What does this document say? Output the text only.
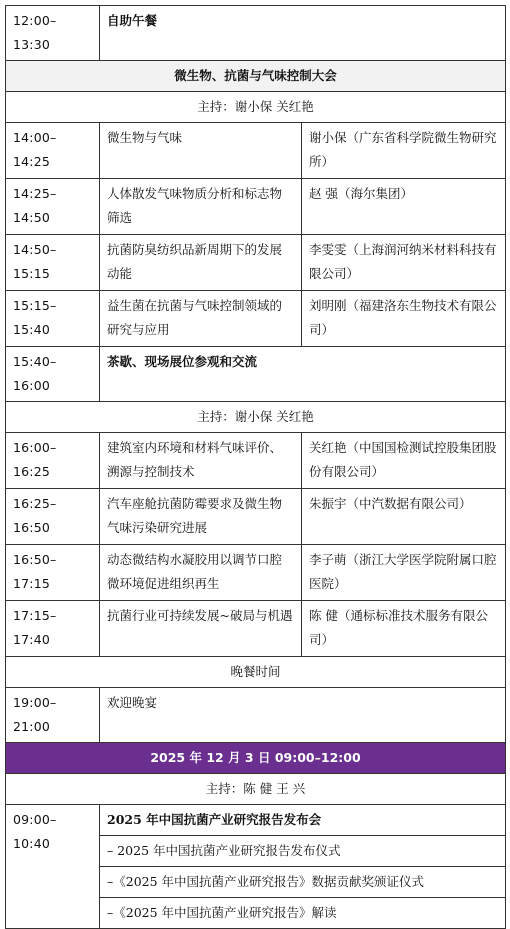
12:00–13:30	自助午餐	
微生物、抗菌与气味控制大会		
主持：谢小保 关红艳		
14:00–14:25	微生物与气味	谢小保（广东省科学院微生物研究所）
14:25–14:50	人体散发气味物质分析和标志物筛选	赵 强（海尔集团）
14:50–15:15	抗菌防臭纺织品新周期下的发展动能	李雯雯（上海润河纳米材料科技有限公司）
15:15–15:40	益生菌在抗菌与气味控制领域的研究与应用	刘明刚（福建洛东生物技术有限公司）
15:40–16:00	茶歇、现场展位参观和交流	
主持：谢小保 关红艳		
16:00–16:25	建筑室内环境和材料气味评价、溯源与控制技术	关红艳（中国国检测试控股集团股份有限公司）
16:25–16:50	汽车座舱抗菌防霉要求及微生物气味污染研究进展	朱振宇（中汽数据有限公司）
16:50–17:15	动态微结构水凝胶用以调节口腔微环境促进组织再生	李子萌（浙江大学医学院附属口腔医院）
17:15–17:40	抗菌行业可持续发展~破局与机遇	陈 健（通标标准技术服务有限公司）
晚餐时间		
19:00–21:00	欢迎晚宴	
2025 年 12 月 3 日 09:00–12:00		
主持：陈 健 王 兴		
09:00–10:40	2025 年中国抗菌产业研究报告发布会	
	– 2025 年中国抗菌产业研究报告发布仪式	
	–《2025 年中国抗菌产业研究报告》数据贡献奖颁证仪式	
	–《2025 年中国抗菌产业研究报告》解读	
